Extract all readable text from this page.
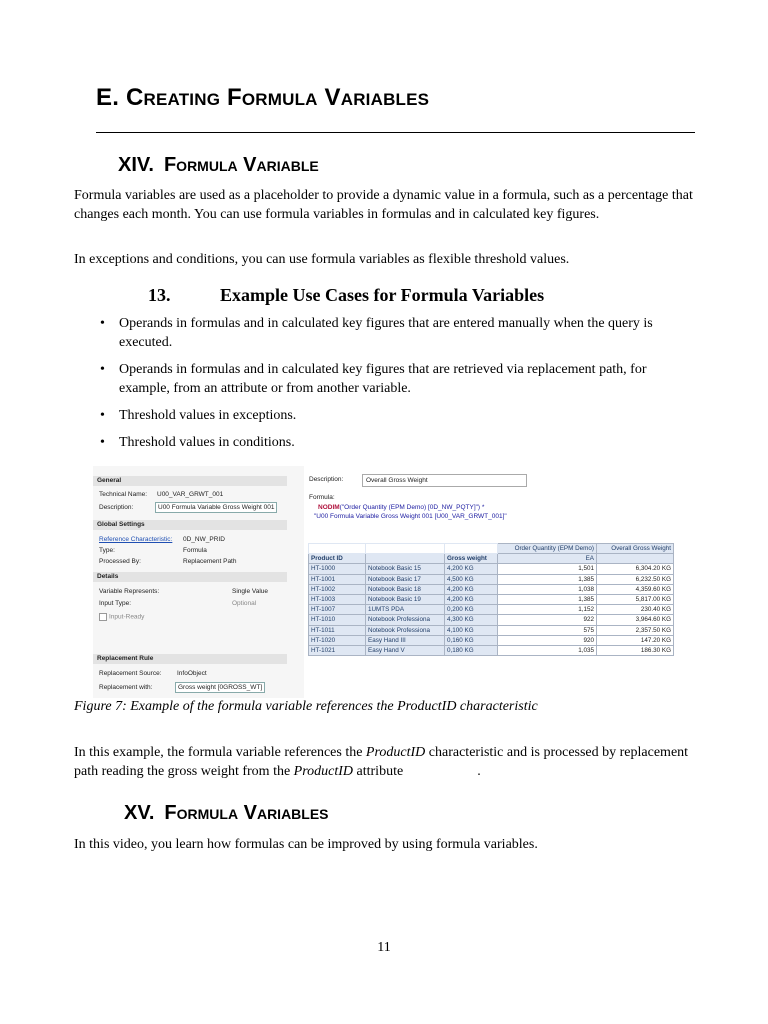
E. Creating Formula Variables
XIV. Formula Variable
Formula variables are used as a placeholder to provide a dynamic value in a formula, such as a percentage that changes each month. You can use formula variables in formulas and in calculated key figures.
In exceptions and conditions, you can use formula variables as flexible threshold values.
13.	Example Use Cases for Formula Variables
• Operands in formulas and in calculated key figures that are entered manually when the query is executed.
• Operands in formulas and in calculated key figures that are retrieved via replacement path, for example, from an attribute or from another variable.
• Threshold values in exceptions.
• Threshold values in conditions.
General
Technical Name: U00_VAR_GRWT_001
Description:	U00 Formula Variable Gross Weight 001
Global Settings
Reference Characteristic: 0D_NW_PRID
Type:	Formula
Processed By:	Replacement Path
Details
Variable Represents:	Single Value
Input Type:	Optional
Input-Ready
Replacement Rule
Replacement Source: InfoObject
Replacement with:	Gross weight [0GROSS_WT]
Description:	Overall Gross Weight
Formula:
NODIM("Order Quantity (EPM Demo) [0D_NW_PQTY]") *
"U00 Formula Variable Gross Weight 001 [U00_VAR_GRWT_001]"
			Order Quantity (EPM Demo)	Overall Gross Weight
Product ID		Gross weight	EA	
HT-1000	Notebook Basic 15	4,200 KG	1,501	6,304.20 KG
HT-1001	Notebook Basic 17	4,500 KG	1,385	6,232.50 KG
HT-1002	Notebook Basic 18	4,200 KG	1,038	4,359.60 KG
HT-1003	Notebook Basic 19	4,200 KG	1,385	5,817.00 KG
HT-1007	1UMTS PDA	0,200 KG	1,152	230.40 KG
HT-1010	Notebook Professiona	4,300 KG	922	3,964.60 KG
HT-1011	Notebook Professiona	4,100 KG	575	2,357.50 KG
HT-1020	Easy Hand III	0,160 KG	920	147.20 KG
HT-1021	Easy Hand V	0,180 KG	1,035	186.30 KG
Figure 7: Example of the formula variable references the ProductID characteristic
In this example, the formula variable references the ProductID characteristic and is processed by replacement path reading the gross weight from the ProductID attribute	.
XV. Formula Variables
In this video, you learn how formulas can be improved by using formula variables.
11
